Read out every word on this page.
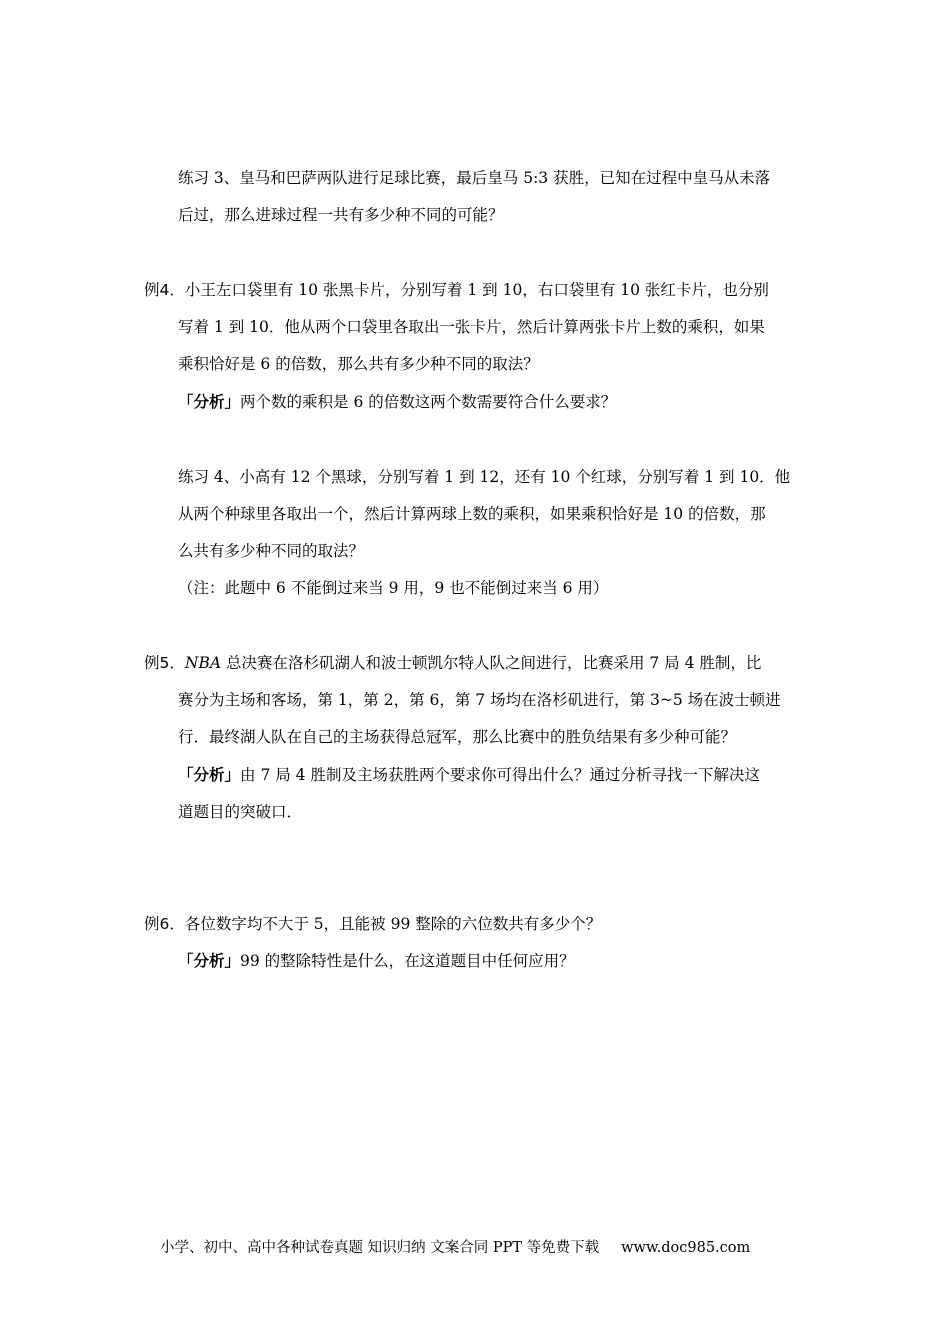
练习 3、皇马和巴萨两队进行足球比赛，最后皇马 5:3 获胜，已知在过程中皇马从未落
后过，那么进球过程一共有多少种不同的可能？
例4．小王左口袋里有 10 张黑卡片，分别写着 1 到 10，右口袋里有 10 张红卡片，也分别
写着 1 到 10．他从两个口袋里各取出一张卡片，然后计算两张卡片上数的乘积，如果
乘积恰好是 6 的倍数，那么共有多少种不同的取法？
「分析」两个数的乘积是 6 的倍数这两个数需要符合什么要求？
练习 4、小高有 12 个黑球，分别写着 1 到 12，还有 10 个红球，分别写着 1 到 10．他
从两个种球里各取出一个，然后计算两球上数的乘积，如果乘积恰好是 10 的倍数，那
么共有多少种不同的取法？
（注：此题中 6 不能倒过来当 9 用，9 也不能倒过来当 6 用）
例5．NBA 总决赛在洛杉矶湖人和波士顿凯尔特人队之间进行，比赛采用 7 局 4 胜制，比
赛分为主场和客场，第 1，第 2，第 6，第 7 场均在洛杉矶进行，第 3~5 场在波士顿进
行．最终湖人队在自己的主场获得总冠军，那么比赛中的胜负结果有多少种可能？
「分析」由 7 局 4 胜制及主场获胜两个要求你可得出什么？通过分析寻找一下解决这
道题目的突破口．
例6．各位数字均不大于 5，且能被 99 整除的六位数共有多少个？
「分析」99 的整除特性是什么，在这道题目中任何应用？
小学、初中、高中各种试卷真题 知识归纳 文案合同 PPT 等免费下载 www.doc985.com
